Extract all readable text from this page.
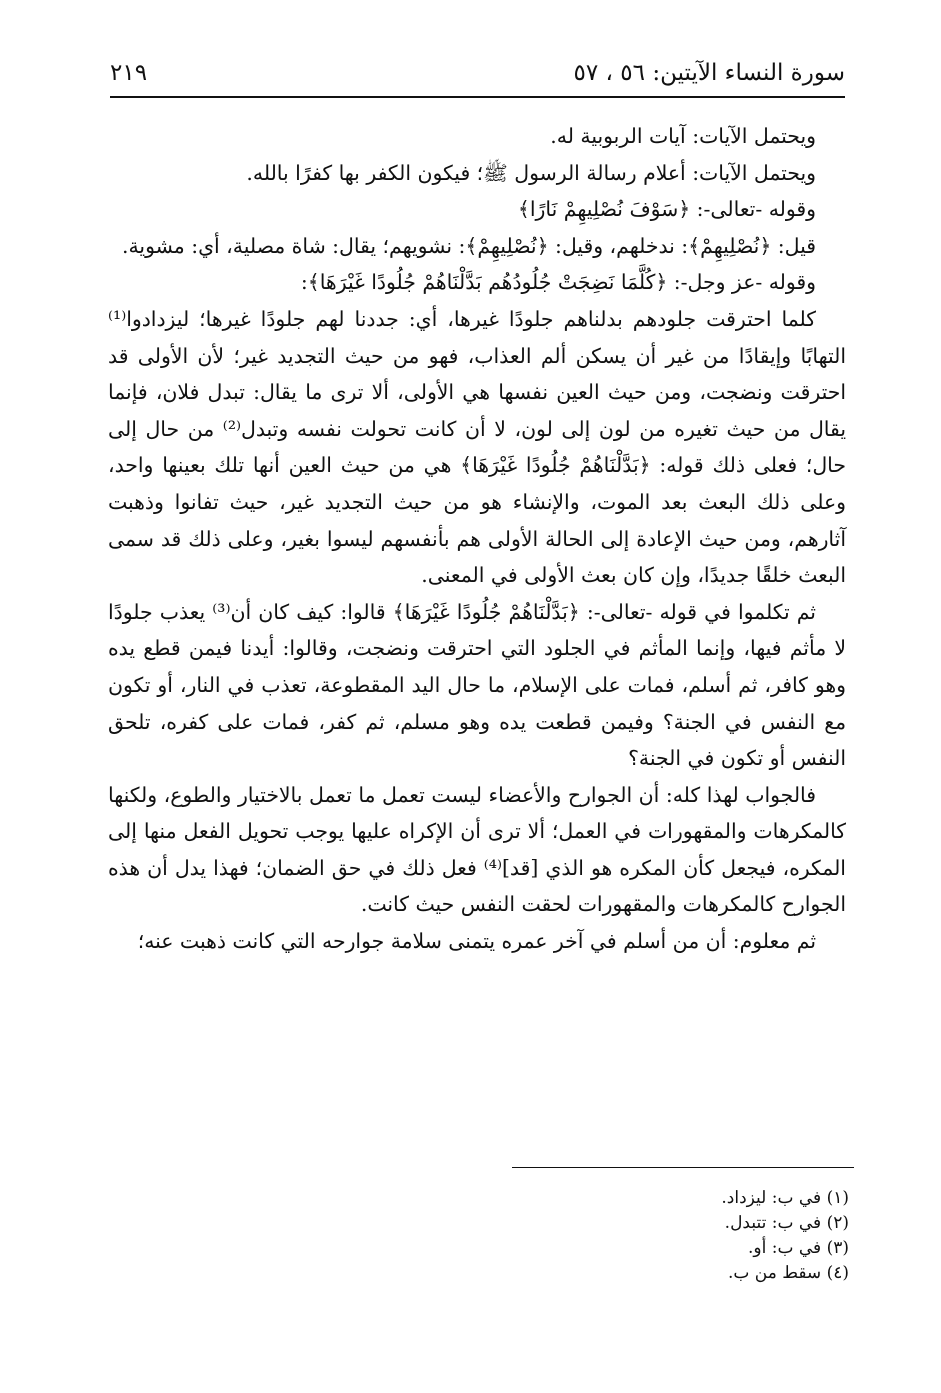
سورة النساء الآيتين: ٥٦ ، ٥٧
٢١٩

ويحتمل الآيات: آيات الربوبية له.

ويحتمل الآيات: أعلام رسالة الرسول ﷺ؛ فيكون الكفر بها كفرًا بالله.

وقوله -تعالى-: ﴿سَوْفَ نُصْلِيهِمْ نَارًا﴾

قيل: ﴿نُصْلِيهِمْ﴾: ندخلهم، وقيل: ﴿نُصْلِيهِمْ﴾: نشويهم؛ يقال: شاة مصلية، أي: مشوية.

وقوله -عز وجل-: ﴿كُلَّمَا نَضِجَتْ جُلُودُهُم بَدَّلْنَاهُمْ جُلُودًا غَيْرَهَا﴾:

كلما احترقت جلودهم بدلناهم جلودًا غيرها، أي: جددنا لهم جلودًا غيرها؛ ليزدادوا⁽¹⁾ التهابًا وإيقادًا من غير أن يسكن ألم العذاب، فهو من حيث التجديد غير؛ لأن الأولى قد احترقت ونضجت، ومن حيث العين نفسها هي الأولى، ألا ترى ما يقال: تبدل فلان، فإنما يقال من حيث تغيره من لون إلى لون، لا أن كانت تحولت نفسه وتبدل⁽²⁾ من حال إلى حال؛ فعلى ذلك قوله: ﴿بَدَّلْنَاهُمْ جُلُودًا غَيْرَهَا﴾ هي من حيث العين أنها تلك بعينها واحد، وعلى ذلك البعث بعد الموت، والإنشاء هو من حيث التجديد غير، حيث تفانوا وذهبت آثارهم، ومن حيث الإعادة إلى الحالة الأولى هم بأنفسهم ليسوا بغير، وعلى ذلك قد سمى البعث خلقًا جديدًا، وإن كان بعث الأولى في المعنى.

ثم تكلموا في قوله -تعالى-: ﴿بَدَّلْنَاهُمْ جُلُودًا غَيْرَهَا﴾ قالوا: كيف كان أن⁽³⁾ يعذب جلودًا لا مأثم فيها، وإنما المأثم في الجلود التي احترقت ونضجت، وقالوا: أيدنا فيمن قطع يده وهو كافر، ثم أسلم، فمات على الإسلام، ما حال اليد المقطوعة، تعذب في النار، أو تكون مع النفس في الجنة؟ وفيمن قطعت يده وهو مسلم، ثم كفر، فمات على كفره، تلحق النفس أو تكون في الجنة؟

فالجواب لهذا كله: أن الجوارح والأعضاء ليست تعمل ما تعمل بالاختيار والطوع، ولكنها كالمكرهات والمقهورات في العمل؛ ألا ترى أن الإكراه عليها يوجب تحويل الفعل منها إلى المكره، فيجعل كأن المكره هو الذي [قد]⁽⁴⁾ فعل ذلك في حق الضمان؛ فهذا يدل أن هذه الجوارح كالمكرهات والمقهورات لحقت النفس حيث كانت.

ثم معلوم: أن من أسلم في آخر عمره يتمنى سلامة جوارحه التي كانت ذهبت عنه؛

(١) في ب: ليزداد.
(٢) في ب: تتبدل.
(٣) في ب: أو.
(٤) سقط من ب.
